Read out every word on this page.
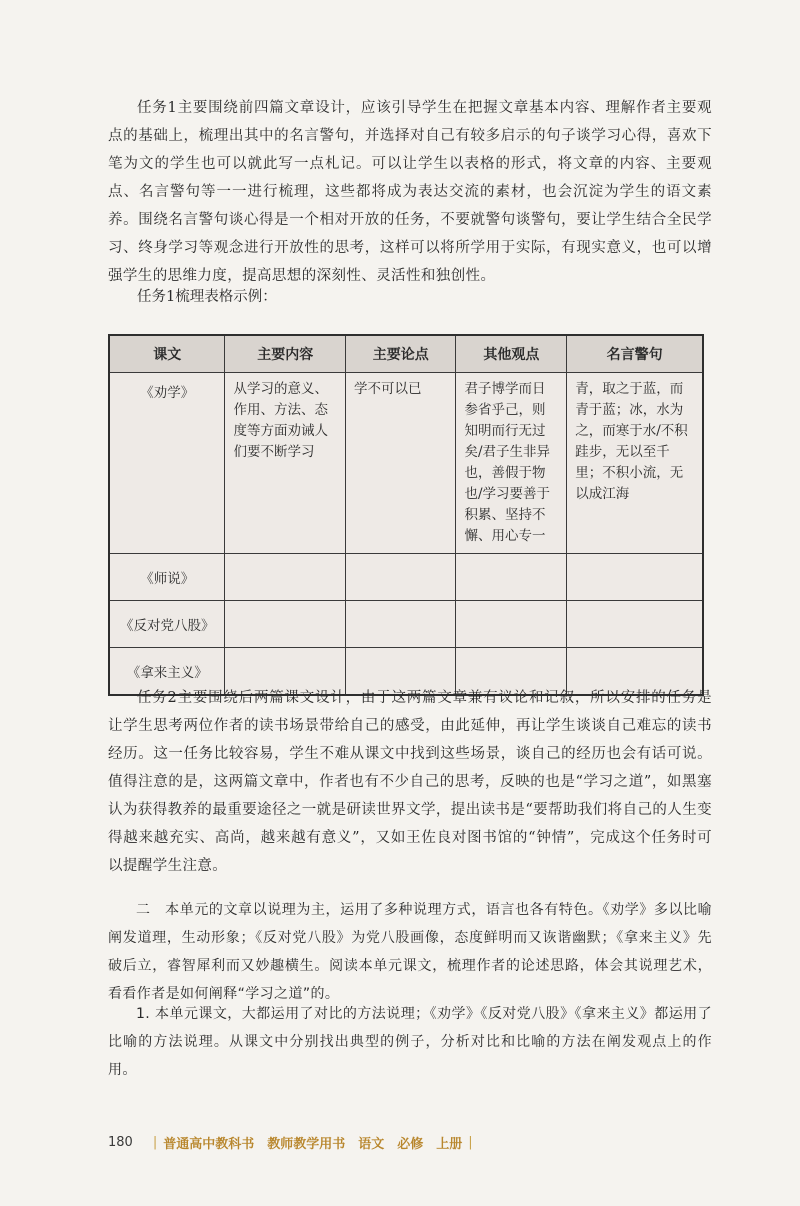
任务1主要围绕前四篇文章设计，应该引导学生在把握文章基本内容、理解作者主要观点的基础上，梳理出其中的名言警句，并选择对自己有较多启示的句子谈学习心得，喜欢下笔为文的学生也可以就此写一点札记。可以让学生以表格的形式，将文章的内容、主要观点、名言警句等一一进行梳理，这些都将成为表达交流的素材，也会沉淀为学生的语文素养。围绕名言警句谈心得是一个相对开放的任务，不要就警句谈警句，要让学生结合全民学习、终身学习等观念进行开放性的思考，这样可以将所学用于实际，有现实意义，也可以增强学生的思维力度，提高思想的深刻性、灵活性和独创性。

任务1梳理表格示例：

课文	主要内容	主要论点	其他观点	名言警句
《劝学》	从学习的意义、作用、方法、态度等方面劝诫人们要不断学习	学不可以已	君子博学而日参省乎己，则知明而行无过矣/君子生非异也，善假于物也/学习要善于积累、坚持不懈、用心专一	青，取之于蓝，而青于蓝；冰，水为之，而寒于水/不积跬步，无以至千里；不积小流，无以成江海
《师说》				
《反对党八股》				
《拿来主义》				

任务2主要围绕后两篇课文设计，由于这两篇文章兼有议论和记叙，所以安排的任务是让学生思考两位作者的读书场景带给自己的感受，由此延伸，再让学生谈谈自己难忘的读书经历。这一任务比较容易，学生不难从课文中找到这些场景，谈自己的经历也会有话可说。值得注意的是，这两篇文章中，作者也有不少自己的思考，反映的也是“学习之道”，如黑塞认为获得教养的最重要途径之一就是研读世界文学，提出读书是“要帮助我们将自己的人生变得越来越充实、高尚，越来越有意义”，又如王佐良对图书馆的“钟情”，完成这个任务时可以提醒学生注意。

二　本单元的文章以说理为主，运用了多种说理方式，语言也各有特色。《劝学》多以比喻阐发道理，生动形象；《反对党八股》为党八股画像，态度鲜明而又诙谐幽默；《拿来主义》先破后立，睿智犀利而又妙趣横生。阅读本单元课文，梳理作者的论述思路，体会其说理艺术，看看作者是如何阐释“学习之道”的。

1. 本单元课文，大都运用了对比的方法说理；《劝学》《反对党八股》《拿来主义》都运用了比喻的方法说理。从课文中分别找出典型的例子，分析对比和比喻的方法在阐发观点上的作用。

180 | 普通高中教科书　教师教学用书　语文　必修　上册 |
